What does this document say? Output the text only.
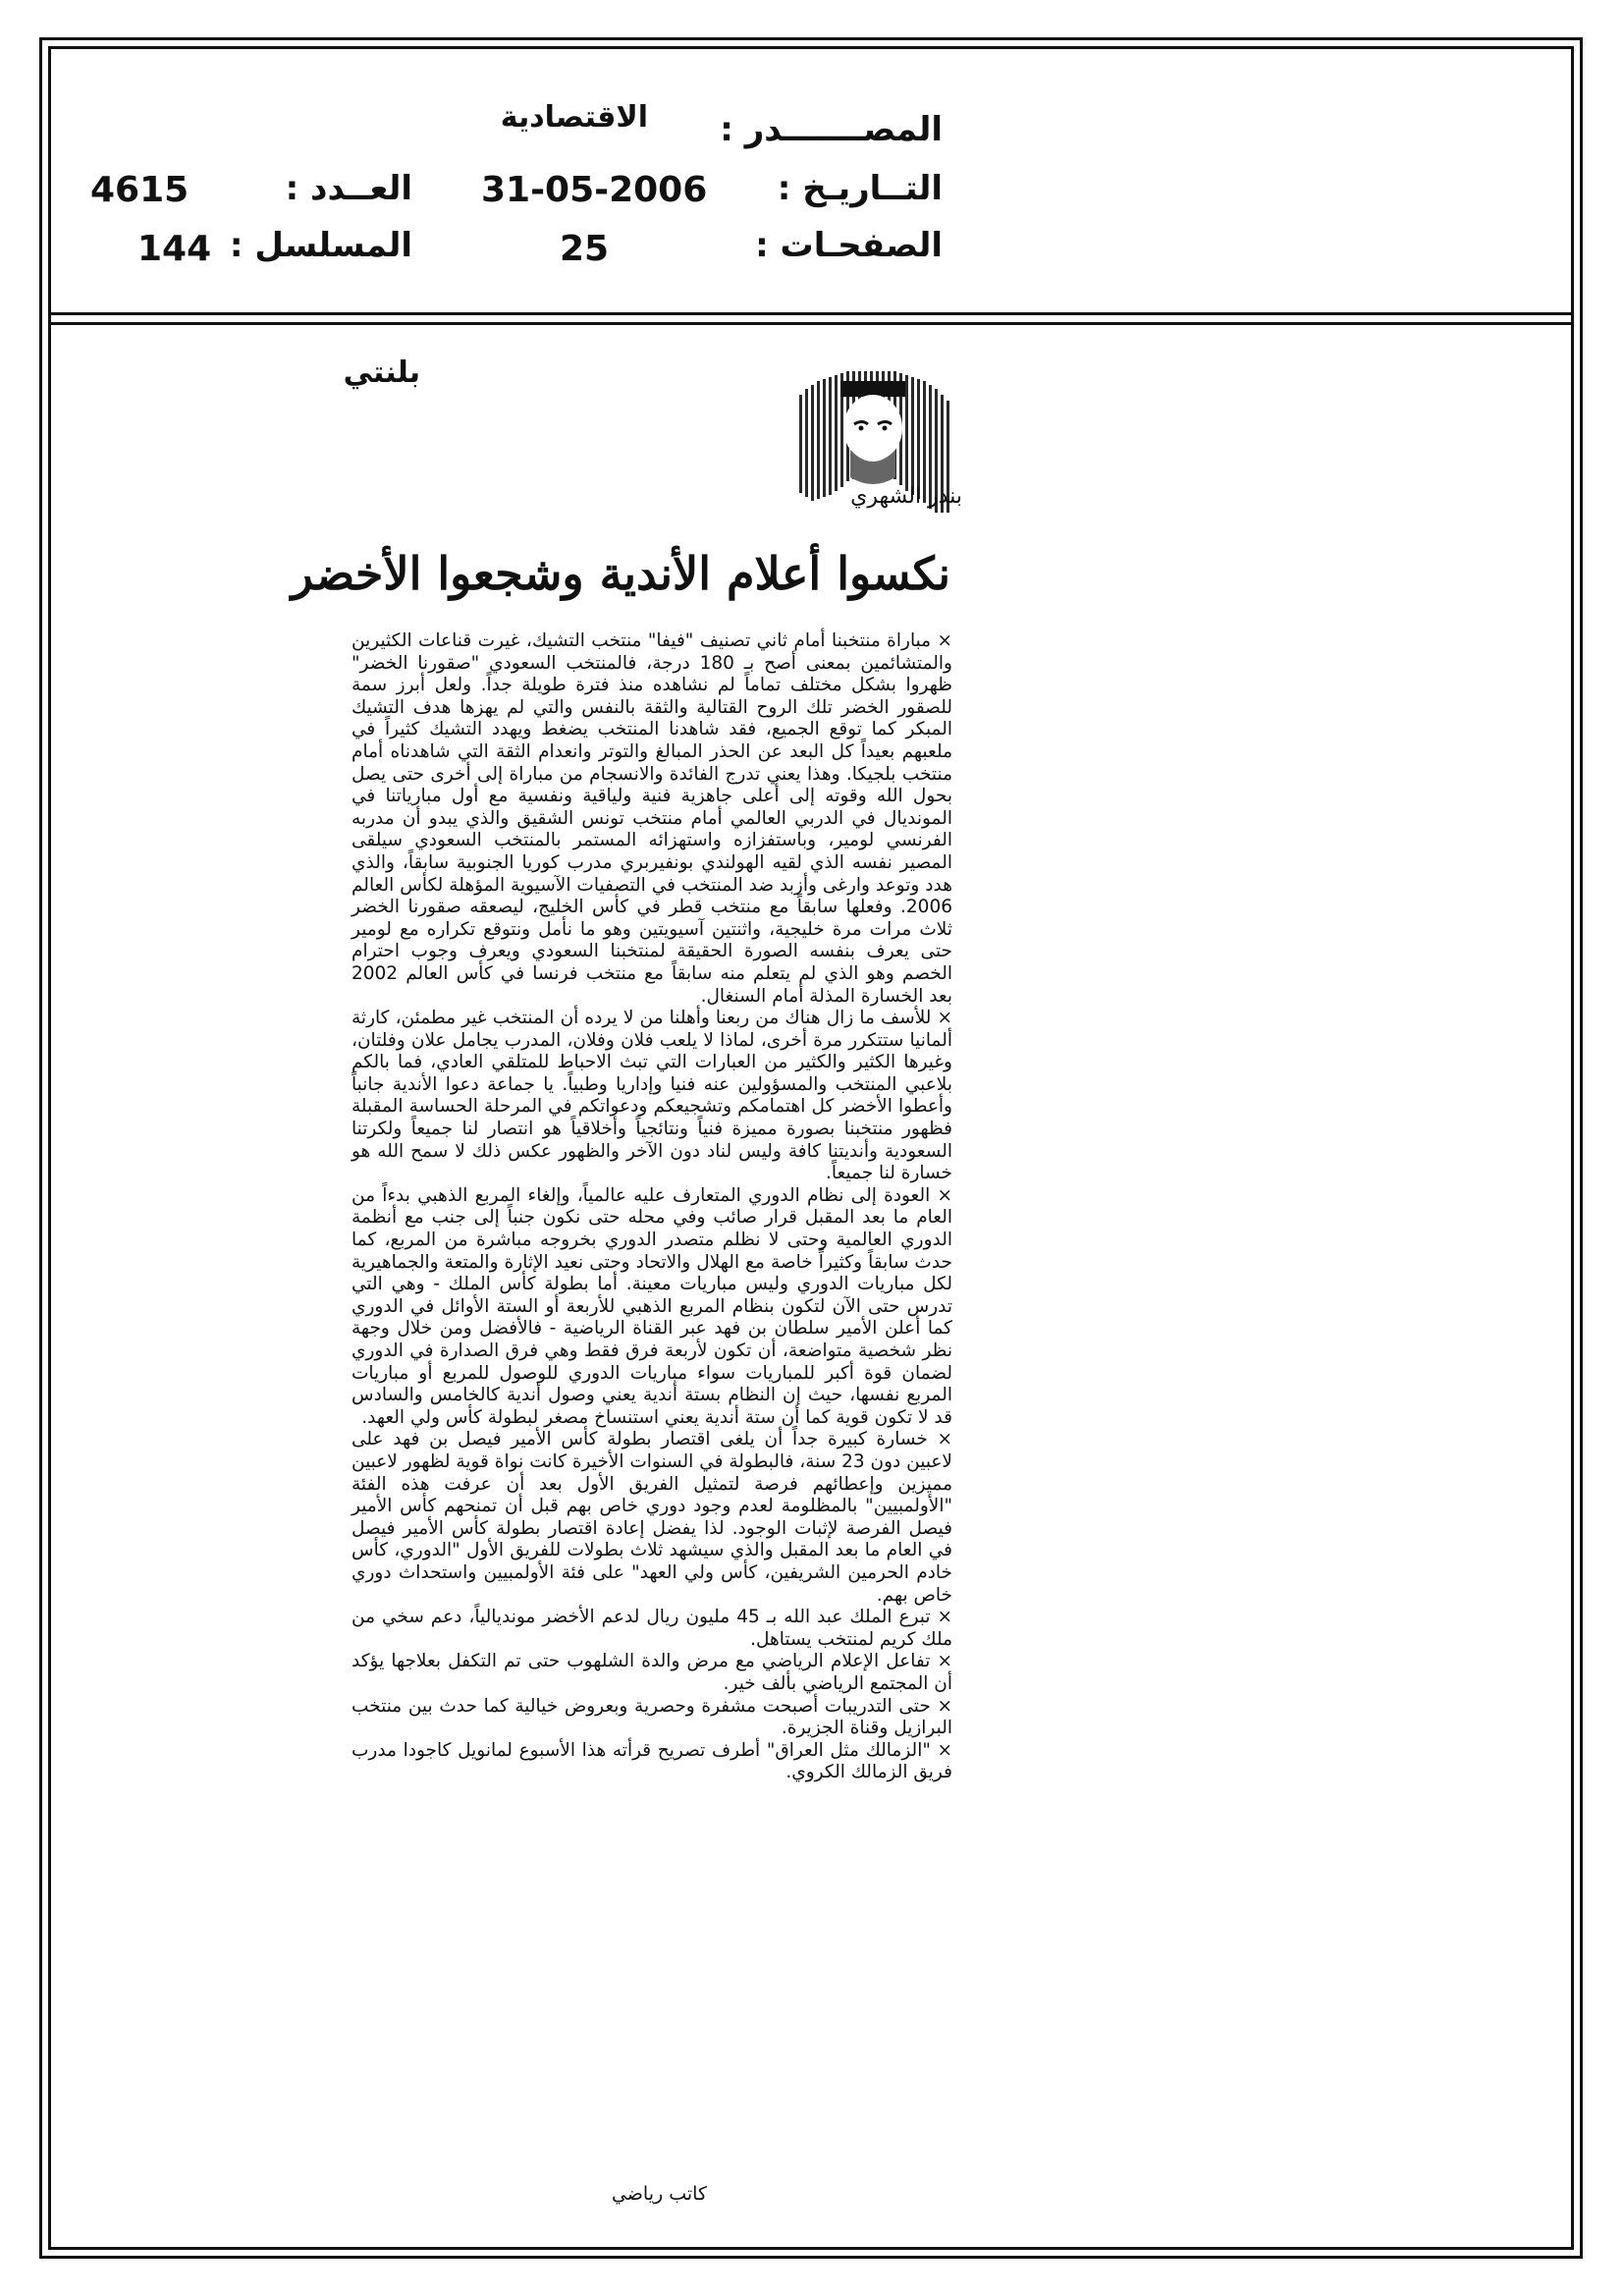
المصـــــــدر :
الاقتصادية
التــاريـخ :
31-05-2006
العــدد :
4615
الصفحـات :
25
المسلسل :
144
بلنتي
بندر الشهري
نكسوا أعلام الأندية وشجعوا الأخضر

× مباراة منتخبنا أمام ثاني تصنيف "فيفا" منتخب التشيك، غيرت قناعات الكثيرين والمتشائمين بمعنى أصح بـ 180 درجة، فالمنتخب السعودي "صقورنا الخضر" ظهروا بشكل مختلف تماماً لم نشاهده منذ فترة طويلة جداً. ولعل أبرز سمة للصقور الخضر تلك الروح القتالية والثقة بالنفس والتي لم يهزها هدف التشيك المبكر كما توقع الجميع، فقد شاهدنا المنتخب يضغط ويهدد التشيك كثيراً في ملعبهم بعيداً كل البعد عن الحذر المبالغ والتوتر وانعدام الثقة التي شاهدناه أمام منتخب بلجيكا. وهذا يعني تدرج الفائدة والانسجام من مباراة إلى أخرى حتى يصل بحول الله وقوته إلى أعلى جاهزية فنية ولياقية ونفسية مع أول مبارياتنا في المونديال في الدربي العالمي أمام منتخب تونس الشقيق والذي يبدو أن مدربه الفرنسي لومير، وباستفزازه واستهزائه المستمر بالمنتخب السعودي سيلقى المصير نفسه الذي لقيه الهولندي بونفيربري مدرب كوريا الجنوبية سابقاً، والذي هدد وتوعد وارغى وأزبد ضد المنتخب في التصفيات الآسيوية المؤهلة لكأس العالم 2006. وفعلها سابقاً مع منتخب قطر في كأس الخليج، ليصعقه صقورنا الخضر ثلاث مرات مرة خليجية، واثنتين آسيويتين وهو ما نأمل ونتوقع تكراره مع لومير حتى يعرف بنفسه الصورة الحقيقة لمنتخبنا السعودي ويعرف وجوب احترام الخصم وهو الذي لم يتعلم منه سابقاً مع منتخب فرنسا في كأس العالم 2002 بعد الخسارة المذلة أمام السنغال.

× للأسف ما زال هناك من ربعنا وأهلنا من لا يرده أن المنتخب غير مطمئن، كارثة ألمانيا ستتكرر مرة أخرى، لماذا لا يلعب فلان وفلان، المدرب يجامل علان وفلتان، وغيرها الكثير والكثير من العبارات التي تبث الاحباط للمتلقي العادي، فما بالكم بلاعبي المنتخب والمسؤولين عنه فنيا وإداريا وطبياً. يا جماعة دعوا الأندية جانباً وأعطوا الأخضر كل اهتمامكم وتشجيعكم ودعواتكم في المرحلة الحساسة المقبلة فظهور منتخبنا بصورة مميزة فنياً ونتائجياً وأخلاقياً هو انتصار لنا جميعاً ولكرتنا السعودية وأنديتنا كافة وليس لناد دون الآخر والظهور عكس ذلك لا سمح الله هو خسارة لنا جميعاً.

× العودة إلى نظام الدوري المتعارف عليه عالمياً، وإلغاء المربع الذهبي بدءاً من العام ما بعد المقبل قرار صائب وفي محله حتى نكون جنباً إلى جنب مع أنظمة الدوري العالمية وحتى لا نظلم متصدر الدوري بخروجه مباشرة من المربع، كما حدث سابقاً وكثيراً خاصة مع الهلال والاتحاد وحتى نعيد الإثارة والمتعة والجماهيرية لكل مباريات الدوري وليس مباريات معينة. أما بطولة كأس الملك - وهي التي تدرس حتى الآن لتكون بنظام المربع الذهبي للأربعة أو الستة الأوائل في الدوري كما أعلن الأمير سلطان بن فهد عبر القناة الرياضية - فالأفضل ومن خلال وجهة نظر شخصية متواضعة، أن تكون لأربعة فرق فقط وهي فرق الصدارة في الدوري لضمان قوة أكبر للمباريات سواء مباريات الدوري للوصول للمربع أو مباريات المربع نفسها، حيث إن النظام بستة أندية يعني وصول أندية كالخامس والسادس قد لا تكون قوية كما أن ستة أندية يعني استنساخ مصغر لبطولة كأس ولي العهد.

× خسارة كبيرة جداً أن يلغى اقتصار بطولة كأس الأمير فيصل بن فهد على لاعبين دون 23 سنة، فالبطولة في السنوات الأخيرة كانت نواة قوية لظهور لاعبين مميزين وإعطائهم فرصة لتمثيل الفريق الأول بعد أن عرفت هذه الفئة "الأولمبيين" بالمظلومة لعدم وجود دوري خاص بهم قبل أن تمنحهم كأس الأمير فيصل الفرصة لإثبات الوجود. لذا يفضل إعادة اقتصار بطولة كأس الأمير فيصل في العام ما بعد المقبل والذي سيشهد ثلاث بطولات للفريق الأول "الدوري، كأس خادم الحرمين الشريفين، كأس ولي العهد" على فئة الأولمبيين واستحداث دوري خاص بهم.

× تبرع الملك عبد الله بـ 45 مليون ريال لدعم الأخضر مونديالياً، دعم سخي من ملك كريم لمنتخب يستاهل.

× تفاعل الإعلام الرياضي مع مرض والدة الشلهوب حتى تم التكفل بعلاجها يؤكد أن المجتمع الرياضي بألف خير.

× حتى التدريبات أصبحت مشفرة وحصرية وبعروض خيالية كما حدث بين منتخب البرازيل وقناة الجزيرة.

× "الزمالك مثل العراق" أطرف تصريح قرأته هذا الأسبوع لمانويل كاجودا مدرب فريق الزمالك الكروي.

كاتب رياضي
